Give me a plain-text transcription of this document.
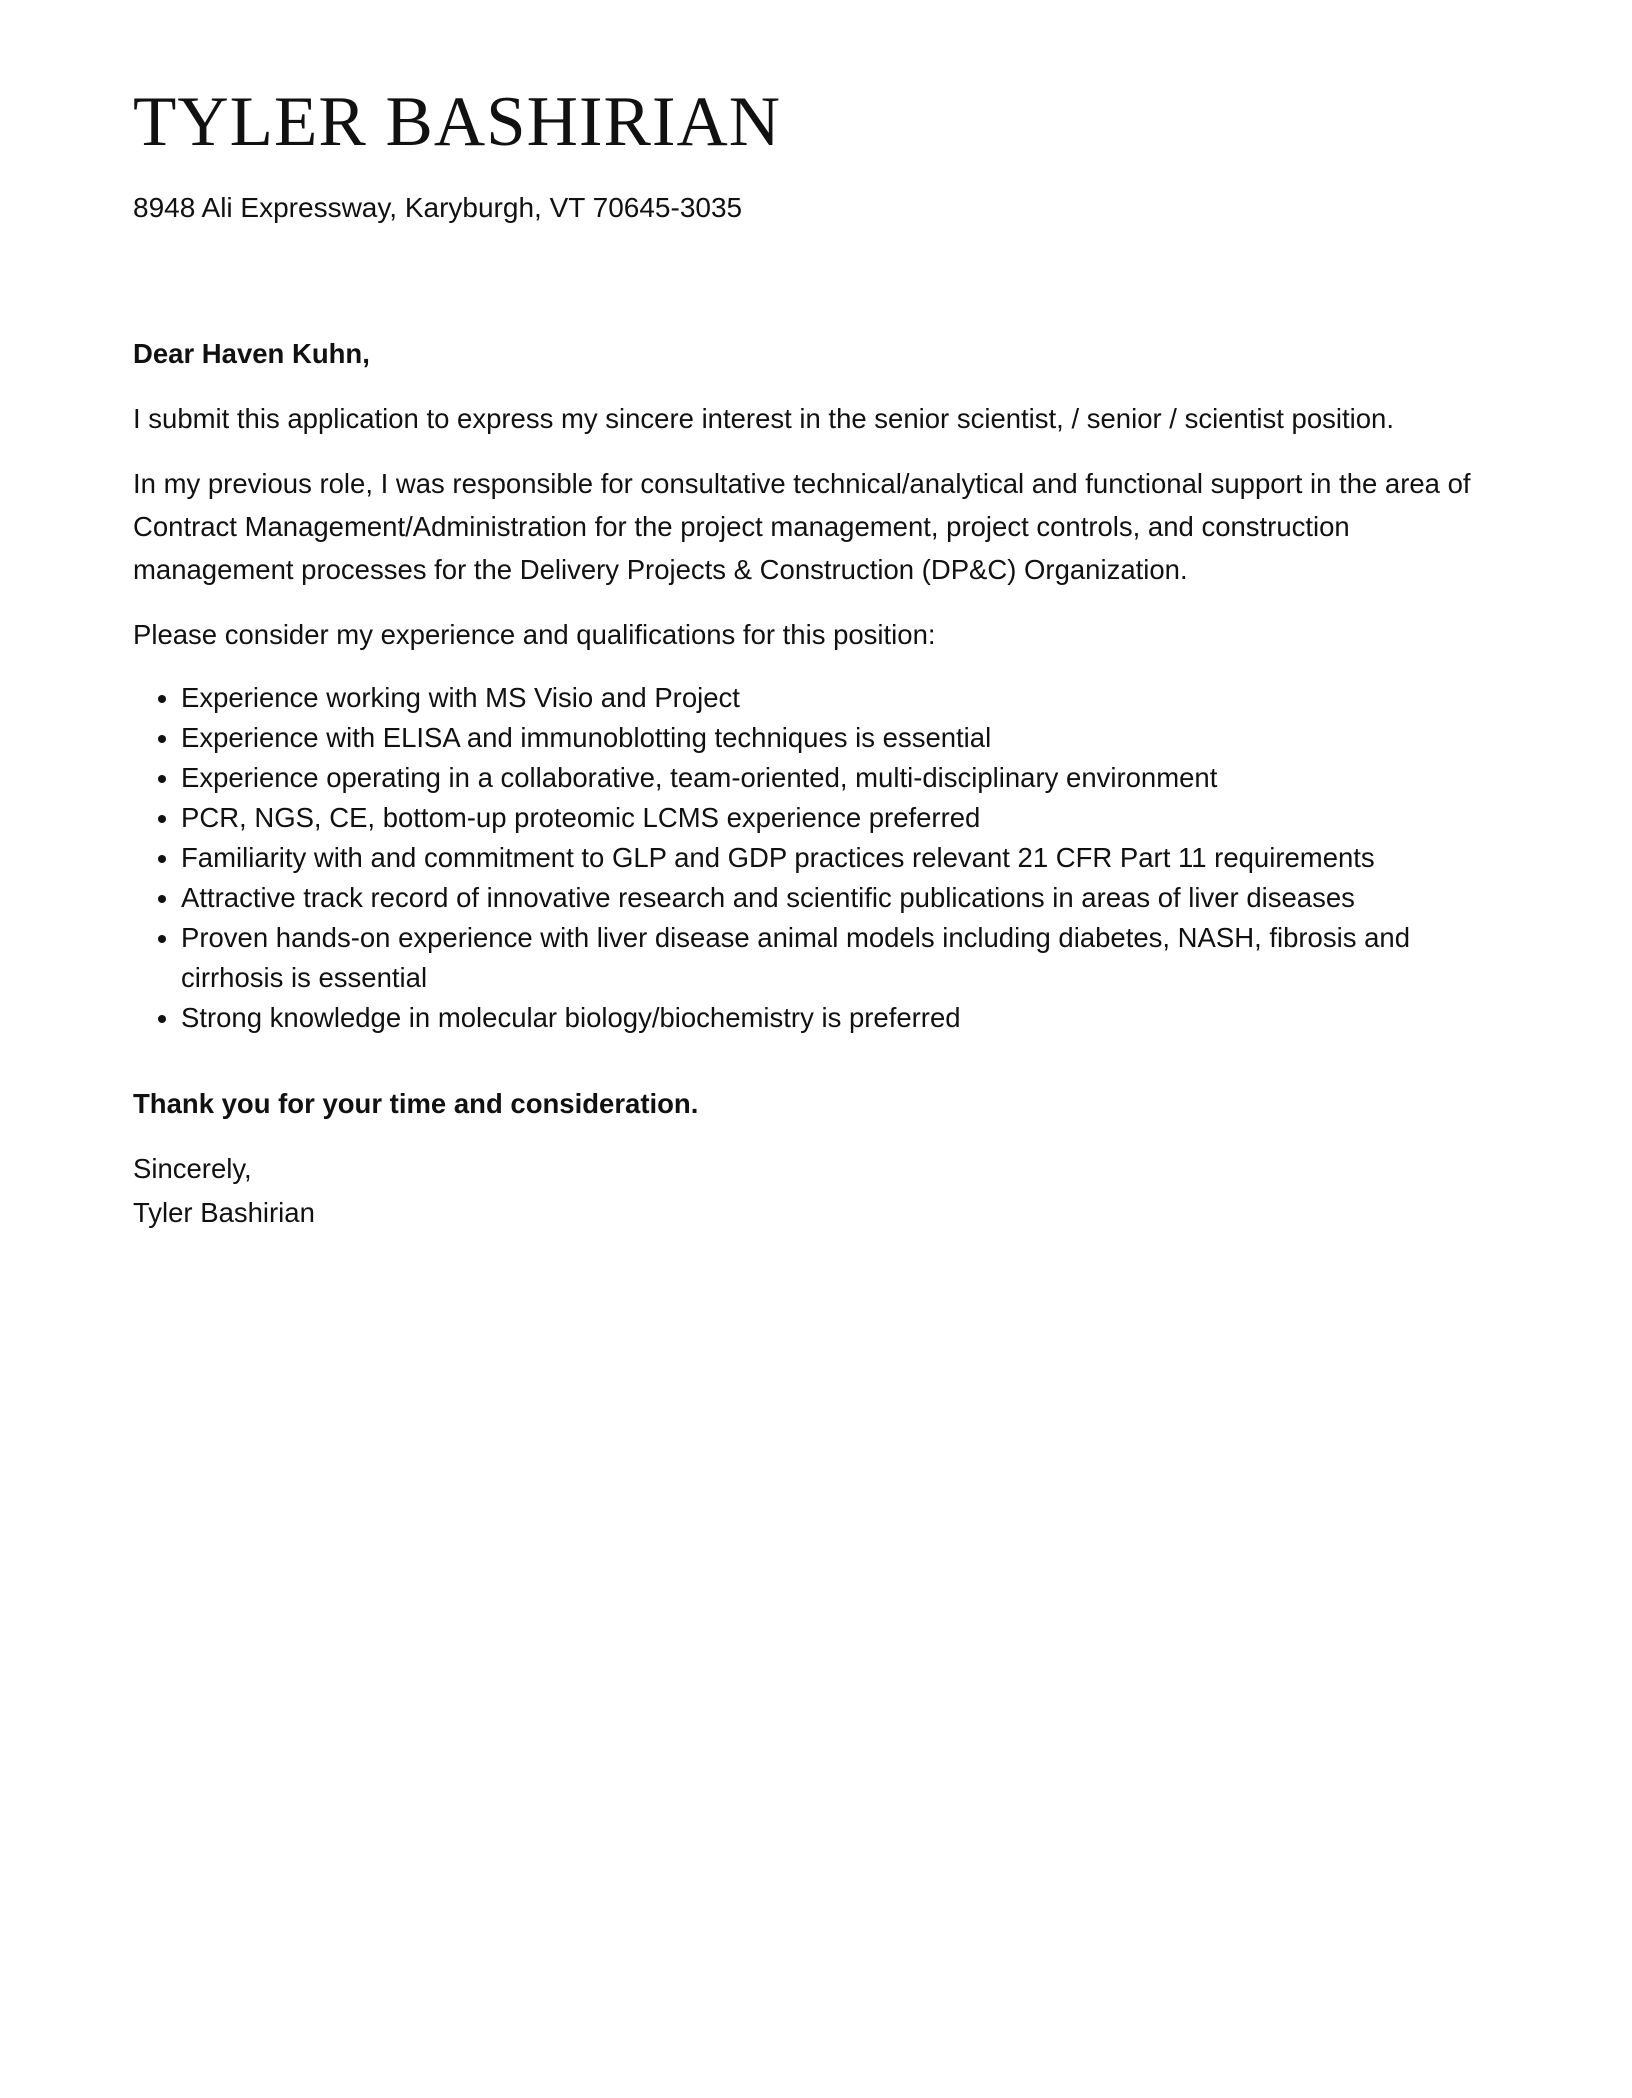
TYLER BASHIRIAN
8948 Ali Expressway, Karyburgh, VT 70645-3035

Dear Haven Kuhn,

I submit this application to express my sincere interest in the senior scientist, / senior / scientist position.

In my previous role, I was responsible for consultative technical/analytical and functional support in the area of Contract Management/Administration for the project management, project controls, and construction management processes for the Delivery Projects & Construction (DP&C) Organization.

Please consider my experience and qualifications for this position:

• Experience working with MS Visio and Project
• Experience with ELISA and immunoblotting techniques is essential
• Experience operating in a collaborative, team-oriented, multi-disciplinary environment
• PCR, NGS, CE, bottom-up proteomic LCMS experience preferred
• Familiarity with and commitment to GLP and GDP practices relevant 21 CFR Part 11 requirements
• Attractive track record of innovative research and scientific publications in areas of liver diseases
• Proven hands-on experience with liver disease animal models including diabetes, NASH, fibrosis and cirrhosis is essential
• Strong knowledge in molecular biology/biochemistry is preferred

Thank you for your time and consideration.

Sincerely,
Tyler Bashirian
